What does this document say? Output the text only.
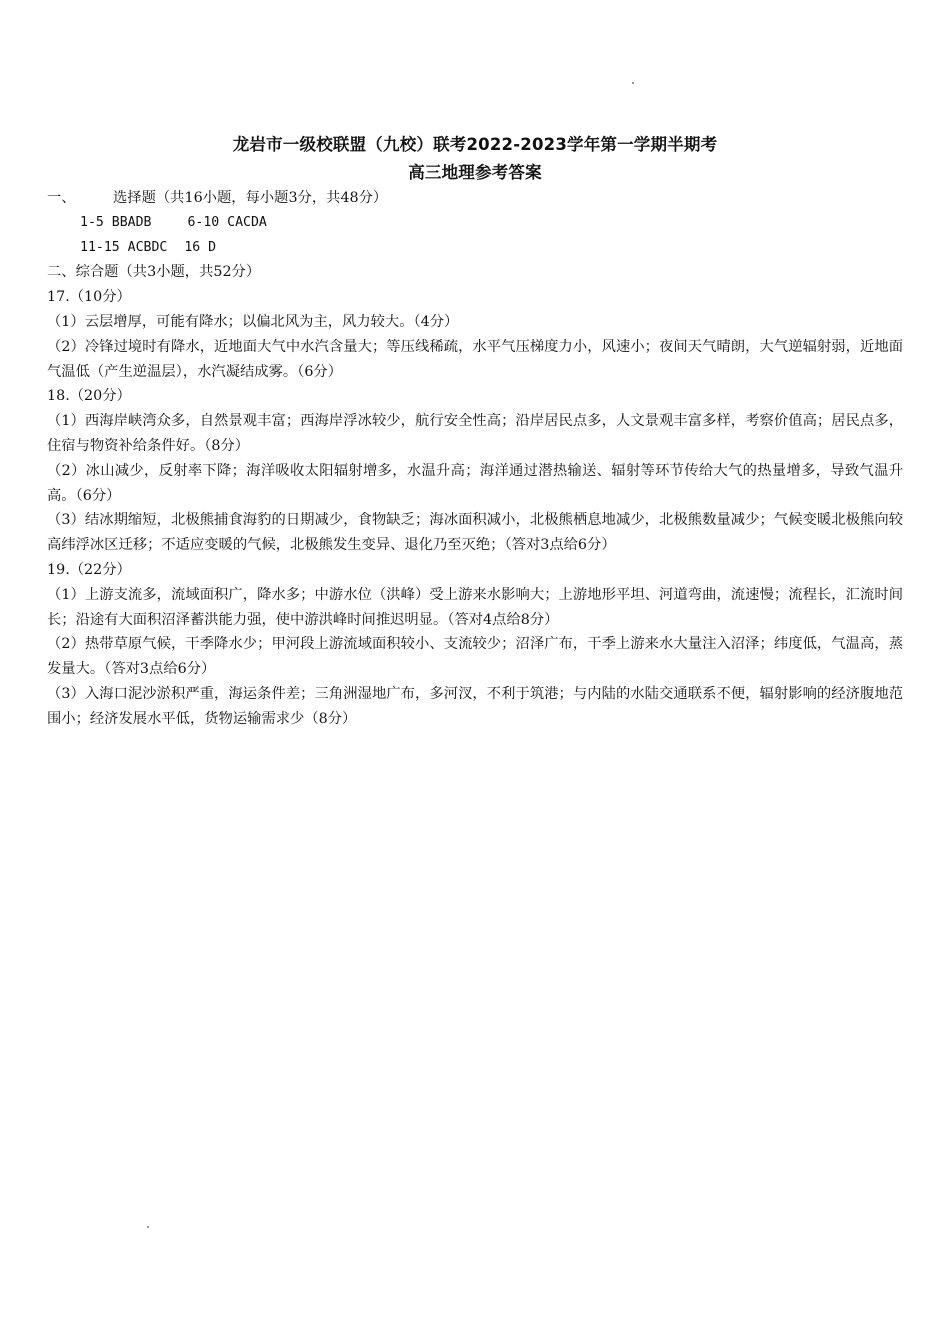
龙岩市一级校联盟（九校）联考2022-2023学年第一学期半期考
高三地理参考答案
一、	选择题（共16小题，每小题3分，共48分）
1-5 BBADB	6-10 CACDA
11-15 ACBDC 16 D
二、综合题（共3小题，共52分）
17.（10分）
（1）云层增厚，可能有降水；以偏北风为主，风力较大。（4分）
（2）冷锋过境时有降水，近地面大气中水汽含量大；等压线稀疏，水平气压梯度力小，风速小；夜间天气晴朗，大气逆辐射弱，近地面气温低（产生逆温层），水汽凝结成雾。（6分）
18.（20分）
（1）西海岸峡湾众多，自然景观丰富；西海岸浮冰较少，航行安全性高；沿岸居民点多，人文景观丰富多样，考察价值高；居民点多，住宿与物资补给条件好。（8分）
（2）冰山减少，反射率下降；海洋吸收太阳辐射增多，水温升高；海洋通过潜热输送、辐射等环节传给大气的热量增多，导致气温升高。（6分）
（3）结冰期缩短，北极熊捕食海豹的日期减少，食物缺乏；海冰面积减小，北极熊栖息地减少，北极熊数量减少；气候变暖北极熊向较高纬浮冰区迁移；不适应变暖的气候，北极熊发生变异、退化乃至灭绝；（答对3点给6分）
19.（22分）
（1）上游支流多，流域面积广，降水多；中游水位（洪峰）受上游来水影响大；上游地形平坦、河道弯曲，流速慢；流程长，汇流时间长；沿途有大面积沼泽蓄洪能力强，使中游洪峰时间推迟明显。（答对4点给8分）
（2）热带草原气候，干季降水少；甲河段上游流域面积较小、支流较少；沼泽广布，干季上游来水大量注入沼泽；纬度低，气温高，蒸发量大。（答对3点给6分）
（3）入海口泥沙淤积严重，海运条件差；三角洲湿地广布，多河汊，不利于筑港；与内陆的水陆交通联系不便，辐射影响的经济腹地范围小；经济发展水平低，货物运输需求少（8分）
